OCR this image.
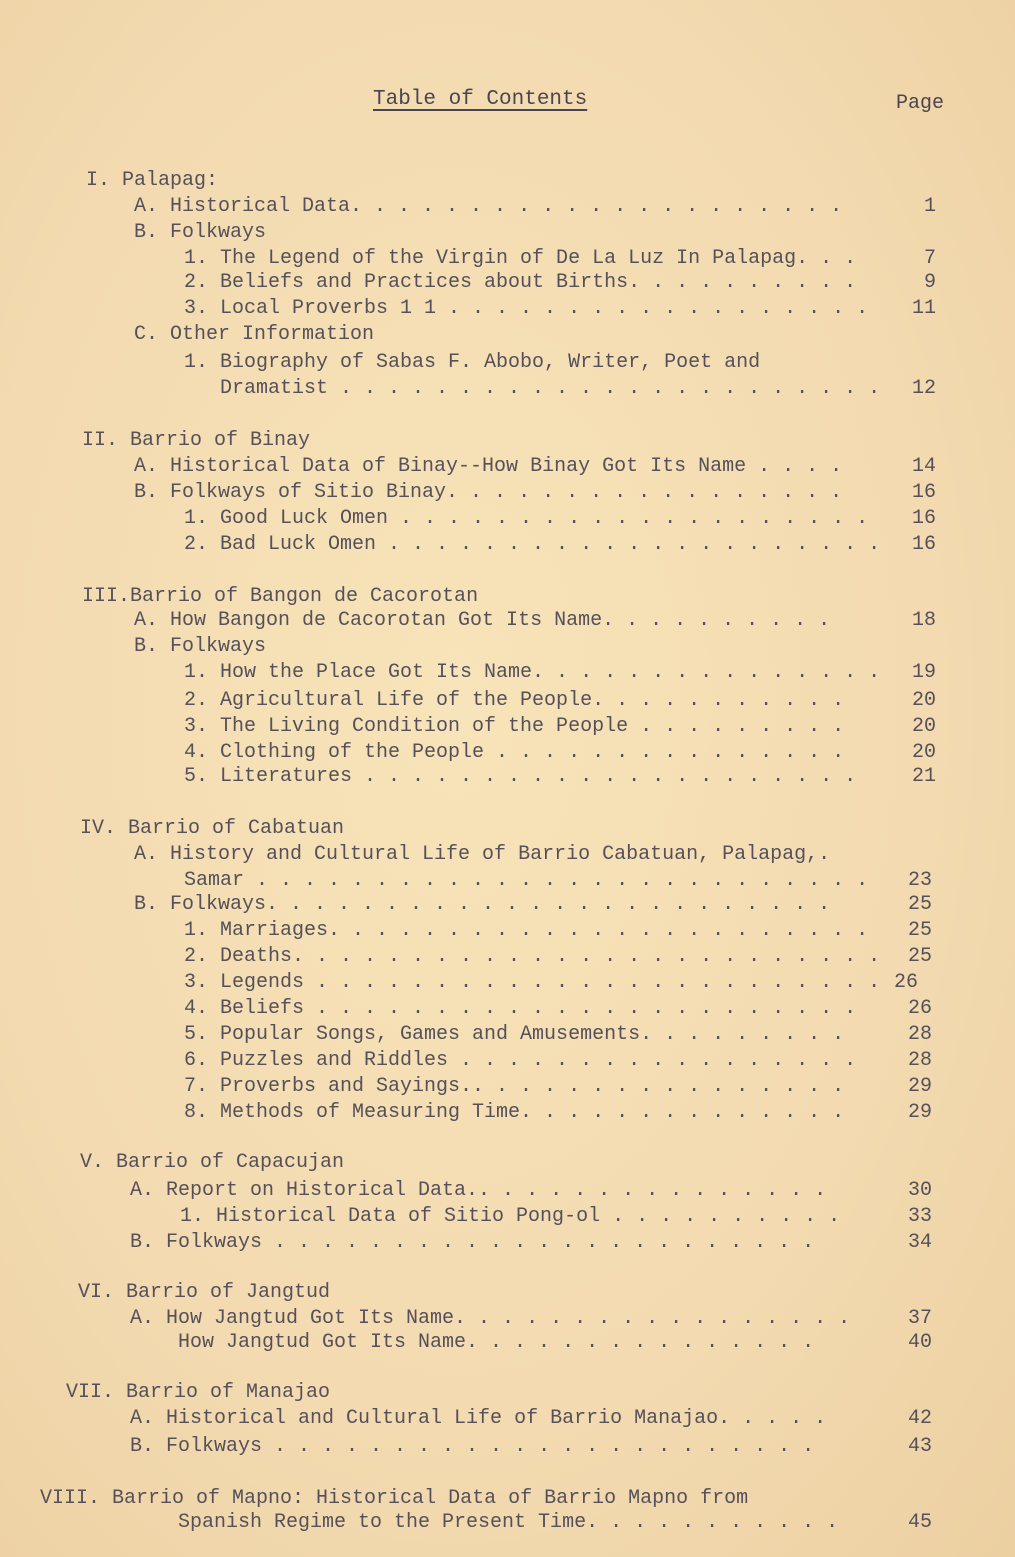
Table of Contents	Page
I. Palapag:
A. Historical Data. . . . . . . . . . . . . . . . . . . . .	1
B. Folkways
1. The Legend of the Virgin of De La Luz In Palapag. . .	7
2. Beliefs and Practices about Births. . . . . . . . . .	9
3. Local Proverbs 1 1 . . . . . . . . . . . . . . . . . .	11
C. Other Information
1. Biography of Sabas F. Abobo, Writer, Poet and
Dramatist . . . . . . . . . . . . . . . . . . . . . . .	12
II. Barrio of Binay
A. Historical Data of Binay--How Binay Got Its Name . . . .	14
B. Folkways of Sitio Binay. . . . . . . . . . . . . . . . .	16
1. Good Luck Omen . . . . . . . . . . . . . . . . . . . .	16
2. Bad Luck Omen . . . . . . . . . . . . . . . . . . . . .	16
III.Barrio of Bangon de Cacorotan
A. How Bangon de Cacorotan Got Its Name. . . . . . . . . .	18
B. Folkways
1. How the Place Got Its Name. . . . . . . . . . . . . . .	19
2. Agricultural Life of the People. . . . . . . . . . .	20
3. The Living Condition of the People . . . . . . . . .	20
4. Clothing of the People . . . . . . . . . . . . . . .	20
5. Literatures . . . . . . . . . . . . . . . . . . . . .	21
IV. Barrio of Cabatuan
A. History and Cultural Life of Barrio Cabatuan, Palapag,.
Samar . . . . . . . . . . . . . . . . . . . . . . . . . .	23
B. Folkways. . . . . . . . . . . . . . . . . . . . . . . .	25
1. Marriages. . . . . . . . . . . . . . . . . . . . . . .	25
2. Deaths. . . . . . . . . . . . . . . . . . . . . . . . .	25
3. Legends . . . . . . . . . . . . . . . . . . . . . . . . 26
4. Beliefs . . . . . . . . . . . . . . . . . . . . . . .	26
5. Popular Songs, Games and Amusements. . . . . . . . .	28
6. Puzzles and Riddles . . . . . . . . . . . . . . . . .	28
7. Proverbs and Sayings.. . . . . . . . . . . . . . . .	29
8. Methods of Measuring Time. . . . . . . . . . . . . .	29
V. Barrio of Capacujan
A. Report on Historical Data.. . . . . . . . . . . . . . .	30
1. Historical Data of Sitio Pong-ol . . . . . . . . . .	33
B. Folkways . . . . . . . . . . . . . . . . . . . . . . .	34
VI. Barrio of Jangtud
A. How Jangtud Got Its Name. . . . . . . . . . . . . . . . .	37
How Jangtud Got Its Name. . . . . . . . . . . . . . .	40
VII. Barrio of Manajao
A. Historical and Cultural Life of Barrio Manajao. . . . .	42
B. Folkways . . . . . . . . . . . . . . . . . . . . . . .	43
VIII. Barrio of Mapno: Historical Data of Barrio Mapno from
Spanish Regime to the Present Time. . . . . . . . . . .	45
